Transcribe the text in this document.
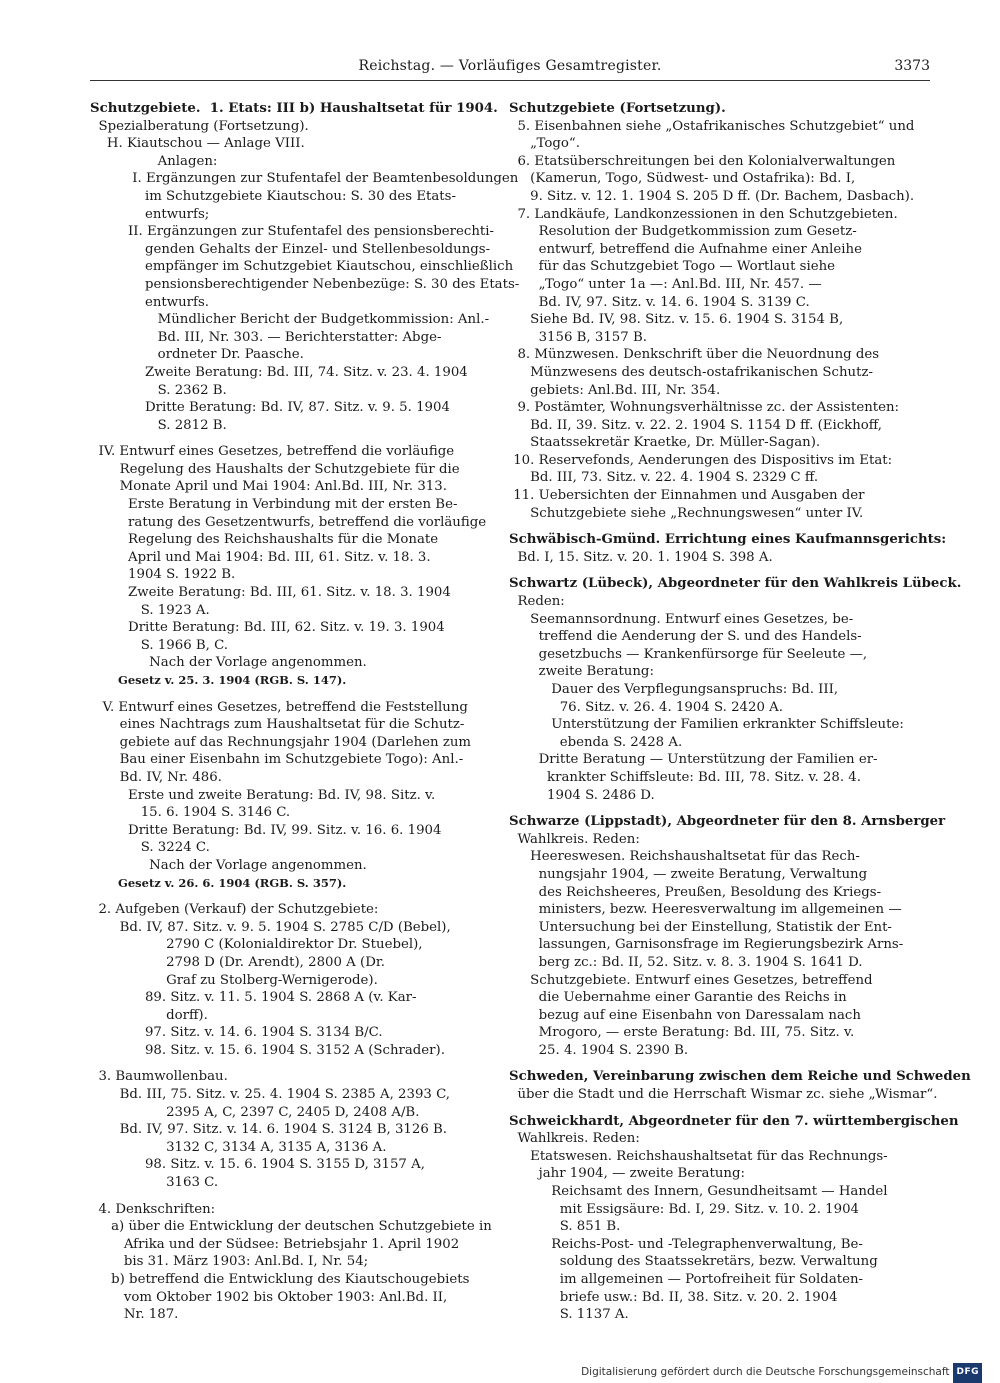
Reichstag. — Vorläufiges Gesamtregister.	3373

Schutzgebiete.  1. Etats: III b) Haushaltsetat für 1904.

Spezialberatung (Fortsetzung).

H. Kiautschou — Anlage VIII.

Anlagen:

I. Ergänzungen zur Stufentafel der Beamtenbesoldungen

im Schutzgebiete Kiautschou: S. 30 des Etats-

entwurfs;

II. Ergänzungen zur Stufentafel des pensionsberechti-

genden Gehalts der Einzel- und Stellenbesoldungs-

empfänger im Schutzgebiet Kiautschou, einschließlich

pensionsberechtigender Nebenbezüge: S. 30 des Etats-

entwurfs.

Mündlicher Bericht der Budgetkommission: Anl.-

Bd. III, Nr. 303. — Berichterstatter: Abge-

ordneter Dr. Paasche.

Zweite Beratung: Bd. III, 74. Sitz. v. 23. 4. 1904

S. 2362 B.

Dritte Beratung: Bd. IV, 87. Sitz. v. 9. 5. 1904

S. 2812 B.

IV. Entwurf eines Gesetzes, betreffend die vorläufige

Regelung des Haushalts der Schutzgebiete für die

Monate April und Mai 1904: Anl.Bd. III, Nr. 313.

Erste Beratung in Verbindung mit der ersten Be-

ratung des Gesetzentwurfs, betreffend die vorläufige

Regelung des Reichshaushalts für die Monate

April und Mai 1904: Bd. III, 61. Sitz. v. 18. 3.

1904 S. 1922 B.

Zweite Beratung: Bd. III, 61. Sitz. v. 18. 3. 1904

S. 1923 A.

Dritte Beratung: Bd. III, 62. Sitz. v. 19. 3. 1904

S. 1966 B, C.

Nach der Vorlage angenommen.

Gesetz v. 25. 3. 1904 (RGB. S. 147).

V. Entwurf eines Gesetzes, betreffend die Feststellung

eines Nachtrags zum Haushaltsetat für die Schutz-

gebiete auf das Rechnungsjahr 1904 (Darlehen zum

Bau einer Eisenbahn im Schutzgebiete Togo): Anl.-

Bd. IV, Nr. 486.

Erste und zweite Beratung: Bd. IV, 98. Sitz. v.

15. 6. 1904 S. 3146 C.

Dritte Beratung: Bd. IV, 99. Sitz. v. 16. 6. 1904

S. 3224 C.

Nach der Vorlage angenommen.

Gesetz v. 26. 6. 1904 (RGB. S. 357).

2. Aufgeben (Verkauf) der Schutzgebiete:

Bd. IV, 87. Sitz. v. 9. 5. 1904 S. 2785 C/D (Bebel),

2790 C (Kolonialdirektor Dr. Stuebel),

2798 D (Dr. Arendt), 2800 A (Dr.

Graf zu Stolberg-Wernigerode).

89. Sitz. v. 11. 5. 1904 S. 2868 A (v. Kar-

dorff).

97. Sitz. v. 14. 6. 1904 S. 3134 B/C.

98. Sitz. v. 15. 6. 1904 S. 3152 A (Schrader).

3. Baumwollenbau.

Bd. III, 75. Sitz. v. 25. 4. 1904 S. 2385 A, 2393 C,

2395 A, C, 2397 C, 2405 D, 2408 A/B.

Bd. IV, 97. Sitz. v. 14. 6. 1904 S. 3124 B, 3126 B.

3132 C, 3134 A, 3135 A, 3136 A.

98. Sitz. v. 15. 6. 1904 S. 3155 D, 3157 A,

3163 C.

4. Denkschriften:

a) über die Entwicklung der deutschen Schutzgebiete in

Afrika und der Südsee: Betriebsjahr 1. April 1902

bis 31. März 1903: Anl.Bd. I, Nr. 54;

b) betreffend die Entwicklung des Kiautschougebiets

vom Oktober 1902 bis Oktober 1903: Anl.Bd. II,

Nr. 187.

Schutzgebiete (Fortsetzung).

5. Eisenbahnen siehe „Ostafrikanisches Schutzgebiet“ und

„Togo“.

6. Etatsüberschreitungen bei den Kolonialverwaltungen

(Kamerun, Togo, Südwest- und Ostafrika): Bd. I,

9. Sitz. v. 12. 1. 1904 S. 205 D ff. (Dr. Bachem, Dasbach).

7. Landkäufe, Landkonzessionen in den Schutzgebieten.

Resolution der Budgetkommission zum Gesetz-

entwurf, betreffend die Aufnahme einer Anleihe

für das Schutzgebiet Togo — Wortlaut siehe

„Togo“ unter 1a —: Anl.Bd. III, Nr. 457. —

Bd. IV, 97. Sitz. v. 14. 6. 1904 S. 3139 C.

Siehe Bd. IV, 98. Sitz. v. 15. 6. 1904 S. 3154 B,

3156 B, 3157 B.

8. Münzwesen. Denkschrift über die Neuordnung des

Münzwesens des deutsch-ostafrikanischen Schutz-

gebiets: Anl.Bd. III, Nr. 354.

9. Postämter, Wohnungsverhältnisse zc. der Assistenten:

Bd. II, 39. Sitz. v. 22. 2. 1904 S. 1154 D ff. (Eickhoff,

Staatssekretär Kraetke, Dr. Müller-Sagan).

10. Reservefonds, Aenderungen des Dispositivs im Etat:

Bd. III, 73. Sitz. v. 22. 4. 1904 S. 2329 C ff.

11. Uebersichten der Einnahmen und Ausgaben der

Schutzgebiete siehe „Rechnungswesen“ unter IV.

Schwäbisch-Gmünd. Errichtung eines Kaufmannsgerichts:

Bd. I, 15. Sitz. v. 20. 1. 1904 S. 398 A.

Schwartz (Lübeck), Abgeordneter für den Wahlkreis Lübeck.

Reden:

Seemannsordnung. Entwurf eines Gesetzes, be-

treffend die Aenderung der S. und des Handels-

gesetzbuchs — Krankenfürsorge für Seeleute —,

zweite Beratung:

Dauer des Verpflegungsanspruchs: Bd. III,

76. Sitz. v. 26. 4. 1904 S. 2420 A.

Unterstützung der Familien erkrankter Schiffsleute:

ebenda S. 2428 A.

Dritte Beratung — Unterstützung der Familien er-

krankter Schiffsleute: Bd. III, 78. Sitz. v. 28. 4.

1904 S. 2486 D.

Schwarze (Lippstadt), Abgeordneter für den 8. Arnsberger

Wahlkreis. Reden:

Heereswesen. Reichshaushaltsetat für das Rech-

nungsjahr 1904, — zweite Beratung, Verwaltung

des Reichsheeres, Preußen, Besoldung des Kriegs-

ministers, bezw. Heeresverwaltung im allgemeinen —

Untersuchung bei der Einstellung, Statistik der Ent-

lassungen, Garnisonsfrage im Regierungsbezirk Arns-

berg zc.: Bd. II, 52. Sitz. v. 8. 3. 1904 S. 1641 D.

Schutzgebiete. Entwurf eines Gesetzes, betreffend

die Uebernahme einer Garantie des Reichs in

bezug auf eine Eisenbahn von Daressalam nach

Mrogoro, — erste Beratung: Bd. III, 75. Sitz. v.

25. 4. 1904 S. 2390 B.

Schweden, Vereinbarung zwischen dem Reiche und Schweden

über die Stadt und die Herrschaft Wismar zc. siehe „Wismar“.

Schweickhardt, Abgeordneter für den 7. württembergischen

Wahlkreis. Reden:

Etatswesen. Reichshaushaltsetat für das Rechnungs-

jahr 1904, — zweite Beratung:

Reichsamt des Innern, Gesundheitsamt — Handel

mit Essigsäure: Bd. I, 29. Sitz. v. 10. 2. 1904

S. 851 B.

Reichs-Post- und -Telegraphenverwaltung, Be-

soldung des Staatssekretärs, bezw. Verwaltung

im allgemeinen — Portofreiheit für Soldaten-

briefe usw.: Bd. II, 38. Sitz. v. 20. 2. 1904

S. 1137 A.

Digitalisierung gefördert durch die Deutsche Forschungsgemeinschaft DFG
